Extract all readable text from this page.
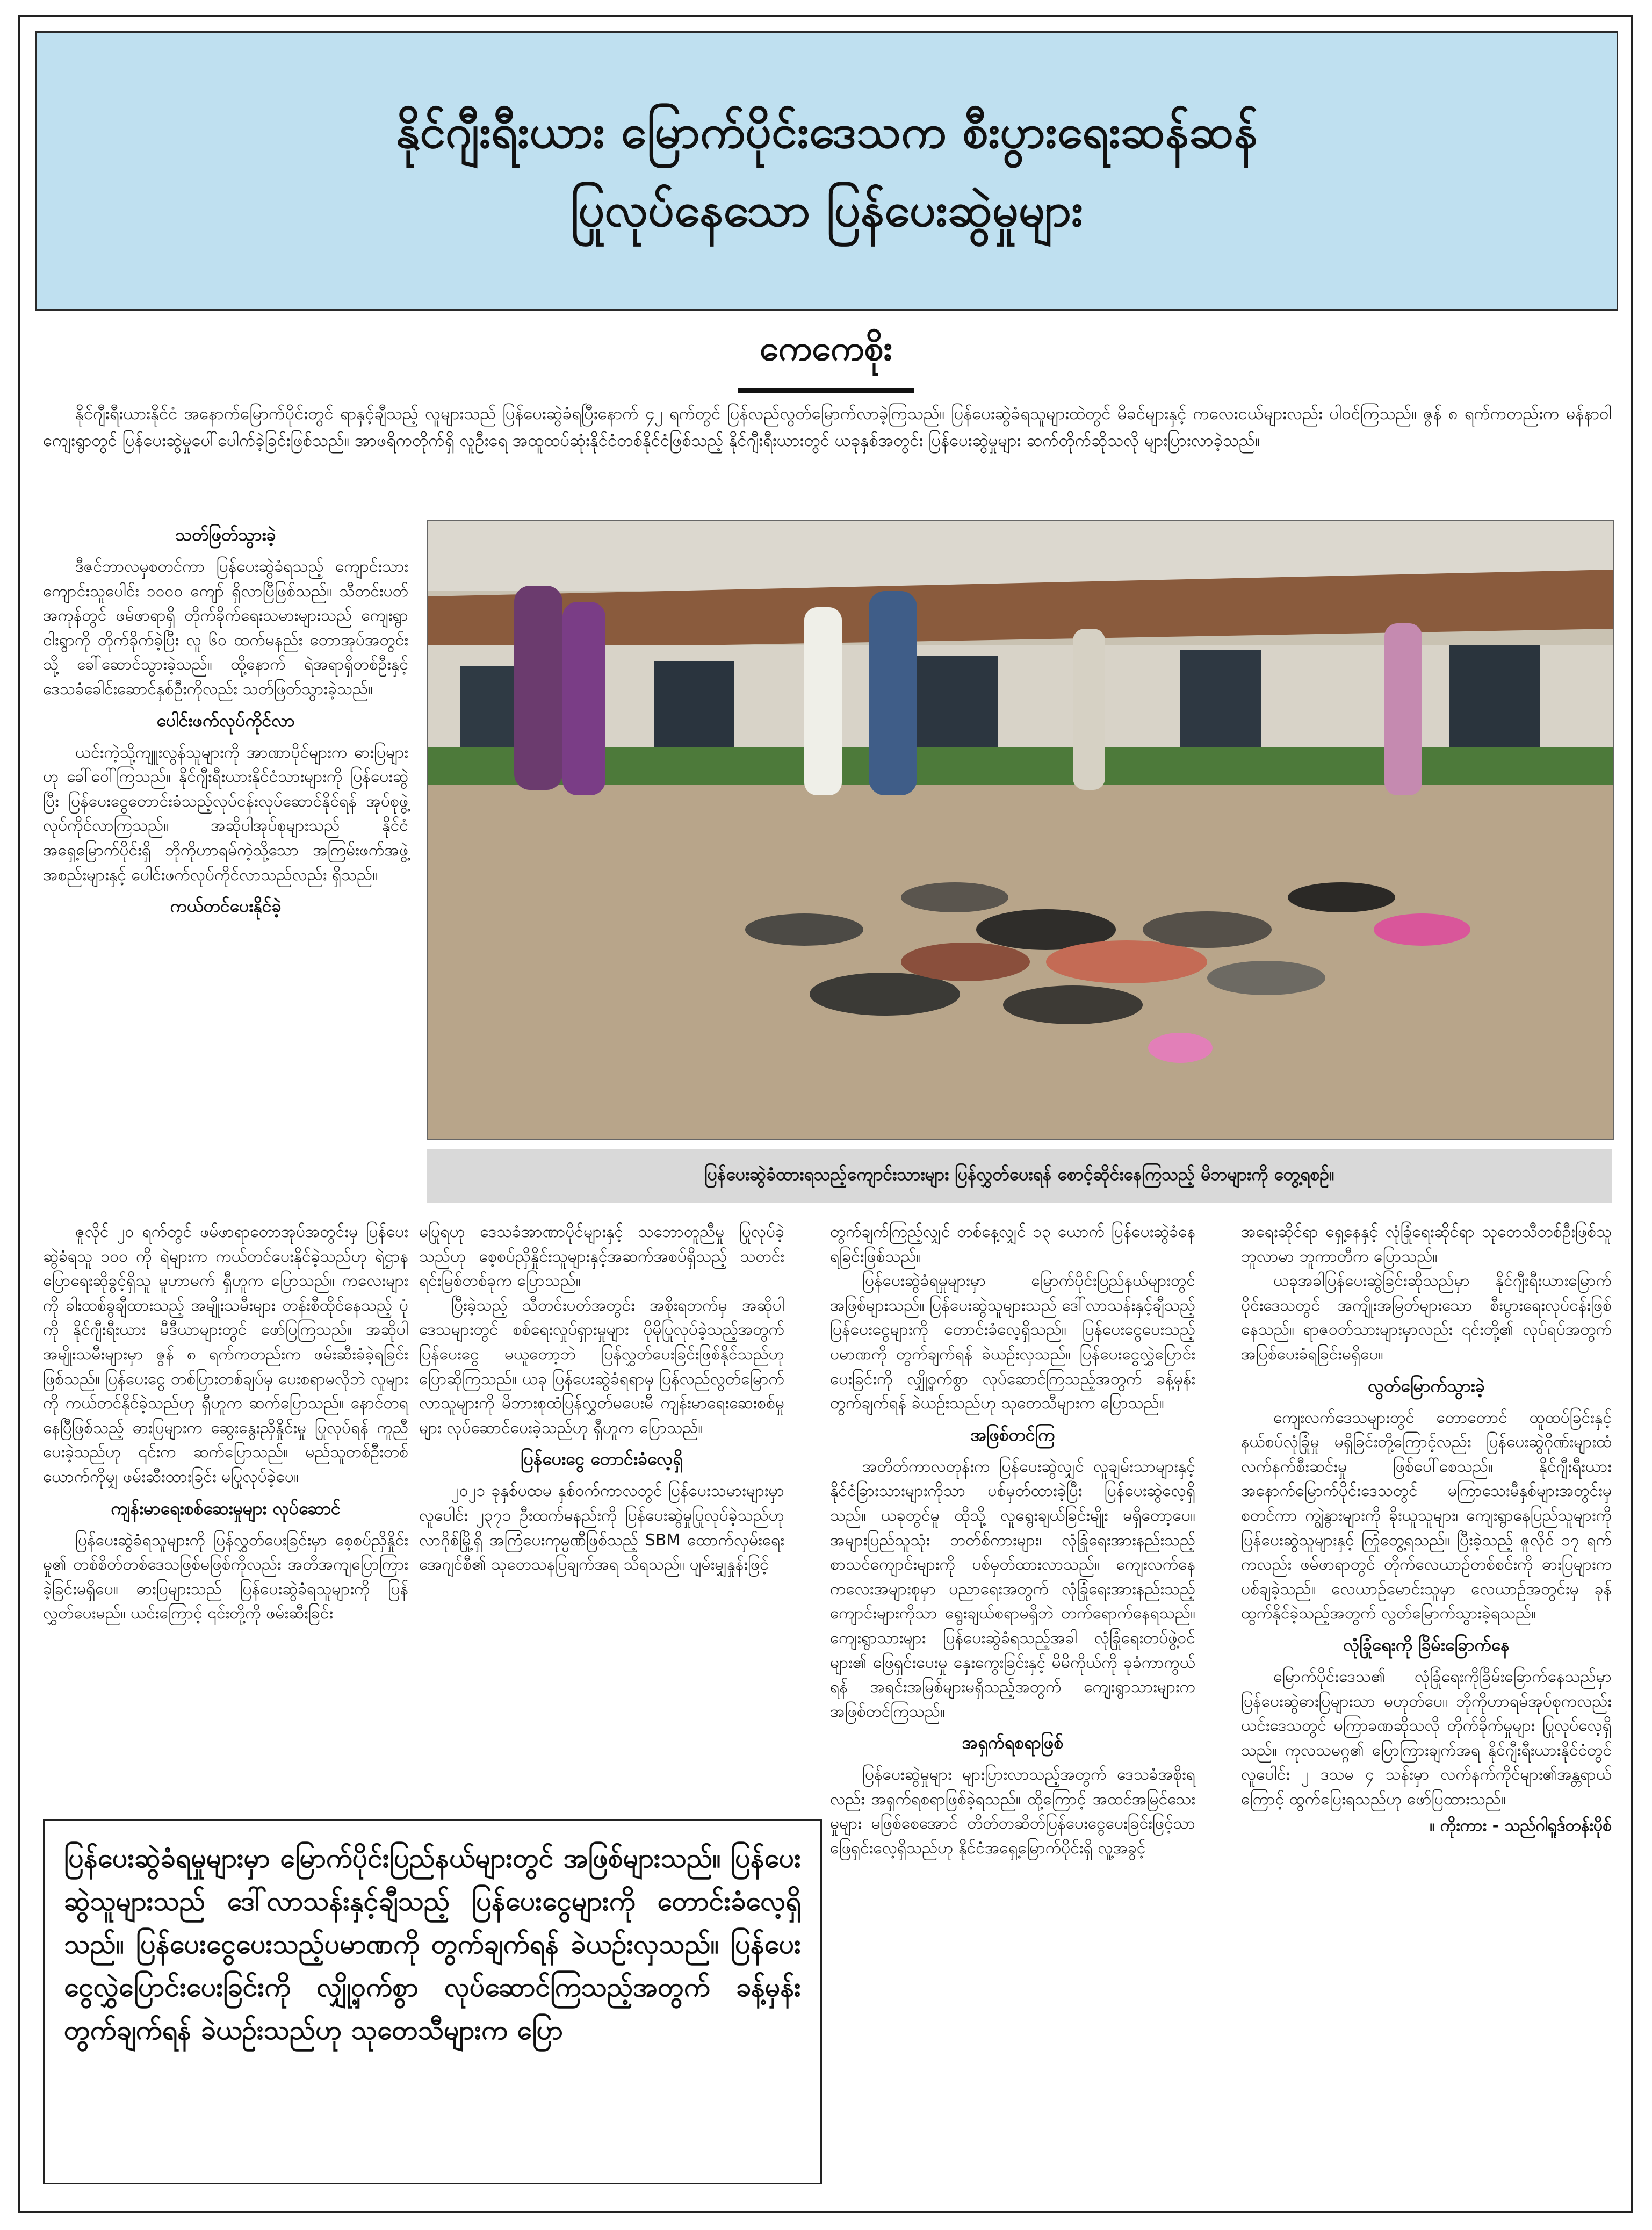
နိုင်ဂျီးရီးယား မြောက်ပိုင်းဒေသက စီးပွားရေးဆန်ဆန်
ပြုလုပ်နေသော ပြန်ပေးဆွဲမှုများ
ကေကေစိုး

နိုင်ဂျီးရီးယားနိုင်ငံ အနောက်မြောက်ပိုင်းတွင် ရာနှင့်ချီသည့် လူများသည် ပြန်ပေးဆွဲခံရပြီးနောက် ၄၂ ရက်တွင် ပြန်လည်လွတ်မြောက်လာခဲ့ကြသည်။ ပြန်ပေးဆွဲခံရသူများထဲတွင် မိခင်များနှင့် ကလေးငယ်များလည်း ပါဝင်ကြသည်။ ဇွန် ၈ ရက်ကတည်းက မန်နာဝါကျေးရွာတွင် ပြန်ပေးဆွဲမှုပေါ်ပေါက်ခဲ့ခြင်းဖြစ်သည်။ အာဖရိကတိုက်ရှိ လူဦးရေ အထူထပ်ဆုံးနိုင်ငံတစ်နိုင်ငံဖြစ်သည့် နိုင်ဂျီးရီးယားတွင် ယခုနှစ်အတွင်း ပြန်ပေးဆွဲမှုများ ဆက်တိုက်ဆိုသလို များပြားလာခဲ့သည်။

သတ်ဖြတ်သွားခဲ့

ဒီဇင်ဘာလမှစတင်ကာ ပြန်ပေးဆွဲခံရသည့် ကျောင်းသားကျောင်းသူပေါင်း ၁၀၀၀ ကျော် ရှိလာပြီဖြစ်သည်။ သီတင်းပတ်အကုန်တွင် ဖမ်ဖာရာရှိ တိုက်ခိုက်ရေးသမားများသည် ကျေးရွာ ငါးရွာကို တိုက်ခိုက်ခဲ့ပြီး လူ ၆၀ ထက်မနည်း တောအုပ်အတွင်းသို့ ခေါ်ဆောင်သွားခဲ့သည်။ ထို့နောက် ရဲအရာရှိတစ်ဦးနှင့် ဒေသခံခေါင်းဆောင်နှစ်ဦးကိုလည်း သတ်ဖြတ်သွားခဲ့သည်။

ပေါင်းဖက်လုပ်ကိုင်လာ

ယင်းကဲ့သို့ကျူးလွန်သူများကို အာဏာပိုင်များက ဓားပြများဟု ခေါ်ဝေါ်ကြသည်။ နိုင်ဂျီးရီးယားနိုင်ငံသားများကို ပြန်ပေးဆွဲပြီး ပြန်ပေးငွေတောင်းခံသည့်လုပ်ငန်းလုပ်ဆောင်နိုင်ရန် အုပ်စုဖွဲ့လုပ်ကိုင်လာကြသည်။ အဆိုပါအုပ်စုများသည် နိုင်ငံအရှေ့မြောက်ပိုင်းရှိ ဘိုကိုဟာရမ်ကဲ့သို့သော အကြမ်းဖက်အဖွဲ့အစည်းများနှင့် ပေါင်းဖက်လုပ်ကိုင်လာသည်လည်း ရှိသည်။

ကယ်တင်ပေးနိုင်ခဲ့
ပြန်ပေးဆွဲခံထားရသည့်ကျောင်းသားများ ပြန်လွှတ်ပေးရန် စောင့်ဆိုင်းနေကြသည့် မိဘများကို တွေ့ရစဉ်။

ဇူလိုင် ၂၀ ရက်တွင် ဖမ်ဖာရာတောအုပ်အတွင်းမှ ပြန်ပေးဆွဲခံရသူ ၁၀၀ ကို ရဲများက ကယ်တင်ပေးနိုင်ခဲ့သည်ဟု ရဲဌာနပြောရေးဆိုခွင့်ရှိသူ မူဟာမက် ရှီဟူက ပြောသည်။ ကလေးများကို ခါးထစ်ခွချီထားသည့် အမျိုးသမီးများ တန်းစီထိုင်နေသည့် ပုံကို နိုင်ဂျီးရီးယား မီဒီယာများတွင် ဖော်ပြကြသည်။ အဆိုပါ အမျိုးသမီးများမှာ ဇွန် ၈ ရက်ကတည်းက ဖမ်းဆီးခံခဲ့ရခြင်းဖြစ်သည်။ ပြန်ပေးငွေ တစ်ပြားတစ်ချပ်မှ ပေးစရာမလိုဘဲ လူများကို ကယ်တင်နိုင်ခဲ့သည်ဟု ရှီဟူက ဆက်ပြောသည်။ နောင်တရနေပြီဖြစ်သည့် ဓားပြများက ဆွေးနွေးညှိနှိုင်းမှု ပြုလုပ်ရန် ကူညီပေးခဲ့သည်ဟု ၎င်းက ဆက်ပြောသည်။ မည်သူတစ်ဦးတစ်ယောက်ကိုမျှ ဖမ်းဆီးထားခြင်း မပြုလုပ်ခဲ့ပေ။

ကျန်းမာရေးစစ်ဆေးမှုများ လုပ်ဆောင်

ပြန်ပေးဆွဲခံရသူများကို ပြန်လွှတ်ပေးခြင်းမှာ စေ့စပ်ညှိနှိုင်းမှု၏ တစ်စိတ်တစ်ဒေသဖြစ်မဖြစ်ကိုလည်း အတိအကျပြောကြားခဲ့ခြင်းမရှိပေ။ ဓားပြများသည် ပြန်ပေးဆွဲခံရသူများကို ပြန်လွှတ်ပေးမည်။ ယင်းကြောင့် ၎င်းတို့ကို ဖမ်းဆီးခြင်း

မပြုရဟု ဒေသခံအာဏာပိုင်များနှင့် သဘောတူညီမှု ပြုလုပ်ခဲ့သည်ဟု စေ့စပ်ညှိနှိုင်းသူများနှင့်အဆက်အစပ်ရှိသည့် သတင်းရင်းမြစ်တစ်ခုက ပြောသည်။

ပြီးခဲ့သည့် သီတင်းပတ်အတွင်း အစိုးရဘက်မှ အဆိုပါဒေသများတွင် စစ်ရေးလှုပ်ရှားမှုများ ပိုမိုပြုလုပ်ခဲ့သည့်အတွက် ပြန်ပေးငွေ မယူတော့ဘဲ ပြန်လွှတ်ပေးခြင်းဖြစ်နိုင်သည်ဟု ပြောဆိုကြသည်။ ယခု ပြန်ပေးဆွဲခံရရာမှ ပြန်လည်လွတ်မြောက်လာသူများကို မိဘားစုထံပြန်လွှတ်မပေးမီ ကျန်းမာရေးဆေးစစ်မှုများ လုပ်ဆောင်ပေးခဲ့သည်ဟု ရှီဟူက ပြောသည်။

ပြန်ပေးငွေ တောင်းခံလေ့ရှိ

၂၀၂၁ ခုနှစ်ပထမ နှစ်ဝက်ကာလတွင် ပြန်ပေးသမားများမှာ လူပေါင်း ၂၃၇၁ ဦးထက်မနည်းကို ပြန်ပေးဆွဲမှုပြုလုပ်ခဲ့သည်ဟု လာဂိုစ်မြို့ရှိ အကြံပေးကုမ္ပဏီဖြစ်သည့် SBM ထောက်လှမ်းရေးအေဂျင်စီ၏ သုတေသနပြချက်အရ သိရသည်။ ပျမ်းမျှနှုန်းဖြင့်

တွက်ချက်ကြည့်လျှင် တစ်နေ့လျှင် ၁၃ ယောက် ပြန်ပေးဆွဲခံနေရခြင်းဖြစ်သည်။

ပြန်ပေးဆွဲခံရမှုများမှာ မြောက်ပိုင်းပြည်နယ်များတွင် အဖြစ်များသည်။ ပြန်ပေးဆွဲသူများသည် ဒေါ်လာသန်းနှင့်ချီသည့် ပြန်ပေးငွေများကို တောင်းခံလေ့ရှိသည်။ ပြန်ပေးငွေပေးသည့်ပမာဏကို တွက်ချက်ရန် ခဲယဉ်းလှသည်။ ပြန်ပေးငွေလွှဲပြောင်းပေးခြင်းကို လျှို့ဝှက်စွာ လုပ်ဆောင်ကြသည့်အတွက် ခန့်မှန်းတွက်ချက်ရန် ခဲယဉ်းသည်ဟု သုတေသီများက ပြောသည်။

အဖြစ်တင်ကြ

အတိတ်ကာလတုန်းက ပြန်ပေးဆွဲလျှင် လူချမ်းသာများနှင့် နိုင်ငံခြားသားများကိုသာ ပစ်မှတ်ထားခဲ့ပြီး ပြန်ပေးဆွဲလေ့ရှိသည်။ ယခုတွင်မူ ထိုသို့ လူရွေးချယ်ခြင်းမျိုး မရှိတော့ပေ။ အများပြည်သူသုံး ဘတ်စ်ကားများ၊ လုံခြုံရေးအားနည်းသည့် စာသင်ကျောင်းများကို ပစ်မှတ်ထားလာသည်။ ကျေးလက်နေ ကလေးအများစုမှာ ပညာရေးအတွက် လုံခြုံရေးအားနည်းသည့် ကျောင်းများကိုသာ ရွေးချယ်စရာမရှိဘဲ တက်ရောက်နေရသည်။ ကျေးရွာသားများ ပြန်ပေးဆွဲခံရသည့်အခါ လုံခြုံရေးတပ်ဖွဲ့ဝင်များ၏ ဖြေရှင်းပေးမှု နှေးကွေးခြင်းနှင့် မိမိကိုယ်ကို ခုခံကာကွယ်ရန် အရင်းအမြစ်များမရှိသည့်အတွက် ကျေးရွာသားများက အဖြစ်တင်ကြသည်။

အရှက်ရစရာဖြစ်

ပြန်ပေးဆွဲမှုများ များပြားလာသည့်အတွက် ဒေသခံအစိုးရလည်း အရှက်ရစရာဖြစ်ခဲ့ရသည်။ ထို့ကြောင့် အထင်အမြင်သေးမှုများ မဖြစ်စေအောင် တိတ်တဆိတ်ပြန်ပေးငွေပေးခြင်းဖြင့်သာ ဖြေရှင်းလေ့ရှိသည်ဟု နိုင်ငံအရှေ့မြောက်ပိုင်းရှိ လူ့အခွင့်

အရေးဆိုင်ရာ ရှေ့နေနှင့် လုံခြုံရေးဆိုင်ရာ သုတေသီတစ်ဦးဖြစ်သူ ဘူလာမာ ဘူကာတီက ပြောသည်။

ယခုအခါပြန်ပေးဆွဲခြင်းဆိုသည်မှာ နိုင်ဂျီးရီးယားမြောက်ပိုင်းဒေသတွင် အကျိုးအမြတ်များသော စီးပွားရေးလုပ်ငန်းဖြစ်နေသည်။ ရာဇဝတ်သားများမှာလည်း ၎င်းတို့၏ လုပ်ရပ်အတွက် အပြစ်ပေးခံရခြင်းမရှိပေ။

လွတ်မြောက်သွားခဲ့

ကျေးလက်ဒေသများတွင် တောတောင် ထူထပ်ခြင်းနှင့် နယ်စပ်လုံခြုံမှု မရှိခြင်းတို့ကြောင့်လည်း ပြန်ပေးဆွဲဂိုဏ်းများထံ လက်နက်စီးဆင်းမှု ဖြစ်ပေါ်စေသည်။ နိုင်ဂျီးရီးယား အနောက်မြောက်ပိုင်းဒေသတွင် မကြာသေးမီနှစ်များအတွင်းမှ စတင်ကာ ကျွဲနွားများကို ခိုးယူသူများ၊ ကျေးရွာနေပြည်သူများကိုပြန်ပေးဆွဲသူများနှင့် ကြုံတွေ့ရသည်။ ပြီးခဲ့သည့် ဇူလိုင် ၁၇ ရက်ကလည်း ဖမ်ဖာရာတွင် တိုက်လေယာဉ်တစ်စင်းကို ဓားပြများက ပစ်ချခဲ့သည်။ လေယာဉ်မောင်းသူမှာ လေယာဉ်အတွင်းမှ ခုန်ထွက်နိုင်ခဲ့သည့်အတွက် လွတ်မြောက်သွားခဲ့ရသည်။

လုံခြုံရေးကို ခြိမ်းခြောက်နေ

မြောက်ပိုင်းဒေသ၏ လုံခြုံရေးကိုခြိမ်းခြောက်နေသည်မှာ ပြန်ပေးဆွဲဓားပြများသာ မဟုတ်ပေ။ ဘိုကိုဟာရမ်အုပ်စုကလည်း ယင်းဒေသတွင် မကြာခဏဆိုသလို တိုက်ခိုက်မှုများ ပြုလုပ်လေ့ရှိသည်။ ကုလသမဂ္ဂ၏ ပြောကြားချက်အရ နိုင်ဂျီးရီးယားနိုင်ငံတွင် လူပေါင်း ၂ ဒသမ ၄ သန်းမှာ လက်နက်ကိုင်များ၏အန္တရာယ်ကြောင့် ထွက်ပြေးရသည်ဟု ဖော်ပြထားသည်။

။ ကိုးကား - သည်ဂါရူဒ်တန်းပိုစ်
ပြန်ပေးဆွဲခံရမှုများမှာ မြောက်ပိုင်းပြည်နယ်များတွင် အဖြစ်များသည်။ ပြန်ပေးဆွဲသူများသည် ဒေါ်လာသန်းနှင့်ချီသည့် ပြန်ပေးငွေများကို တောင်းခံလေ့ရှိသည်။ ပြန်ပေးငွေပေးသည့်ပမာဏကို တွက်ချက်ရန် ခဲယဉ်းလှသည်။ ပြန်ပေးငွေလွှဲပြောင်းပေးခြင်းကို လျှို့ဝှက်စွာ လုပ်ဆောင်ကြသည့်အတွက် ခန့်မှန်းတွက်ချက်ရန် ခဲယဉ်းသည်ဟု သုတေသီများက ပြော
